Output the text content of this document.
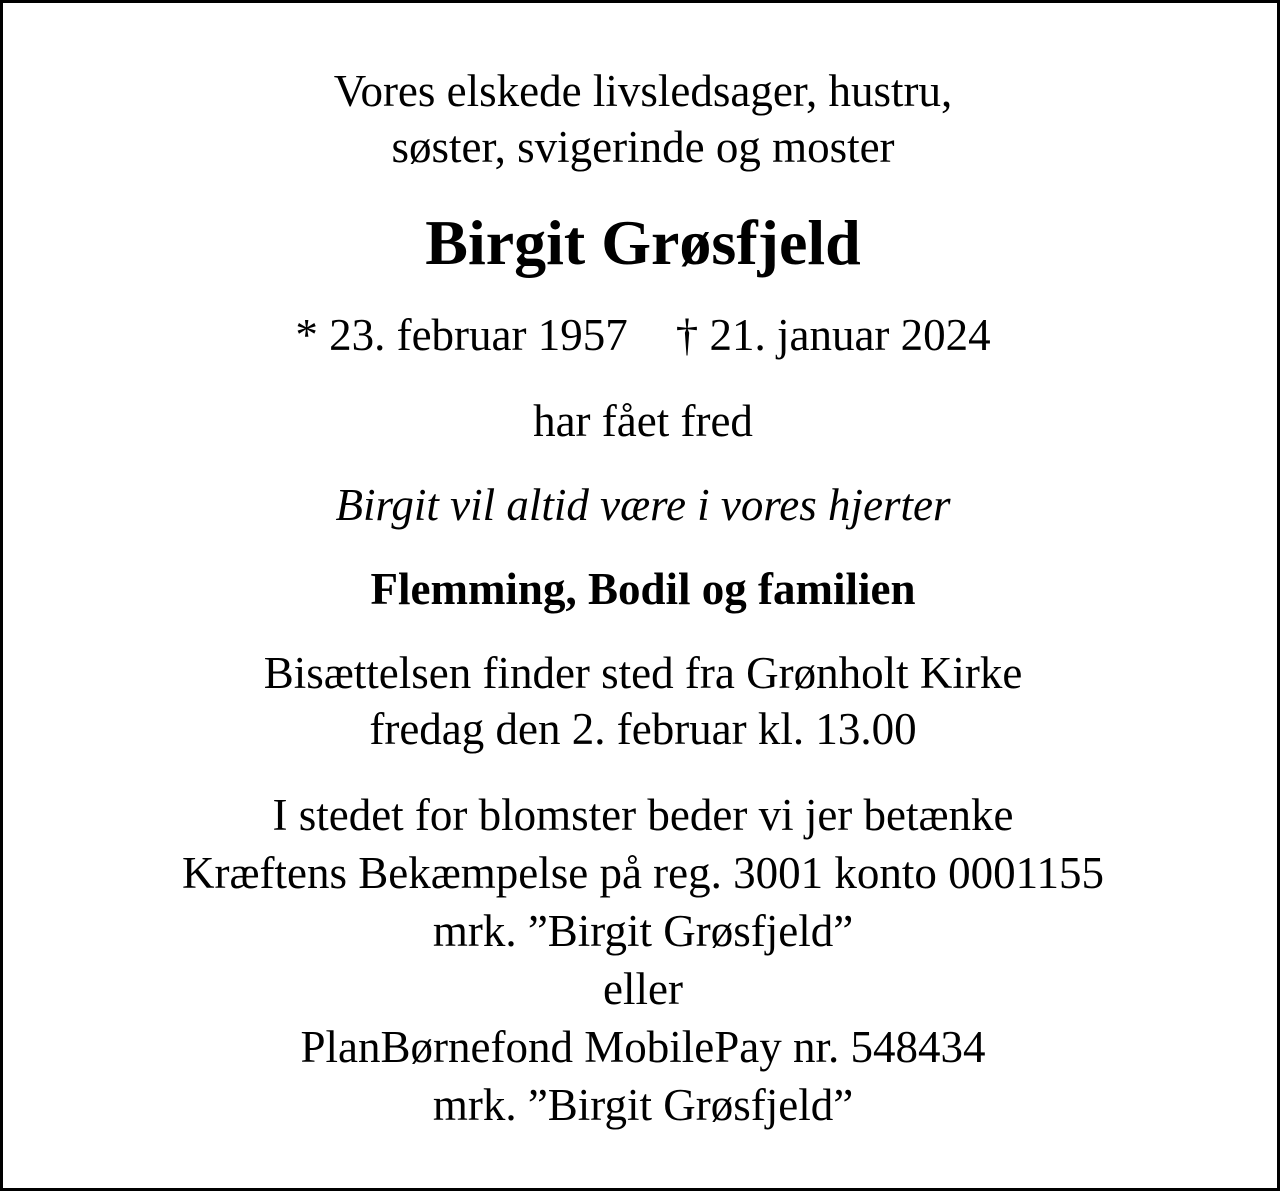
Vores elskede livsledsager, hustru,
søster, svigerinde og moster
Birgit Grøsfjeld
* 23. februar 1957 † 21. januar 2024
har fået fred
Birgit vil altid være i vores hjerter
Flemming, Bodil og familien
Bisættelsen finder sted fra Grønholt Kirke
fredag den 2. februar kl. 13.00
I stedet for blomster beder vi jer betænke
Kræftens Bekæmpelse på reg. 3001 konto 0001155
mrk. ”Birgit Grøsfjeld”
eller
PlanBørnefond MobilePay nr. 548434
mrk. ”Birgit Grøsfjeld”
